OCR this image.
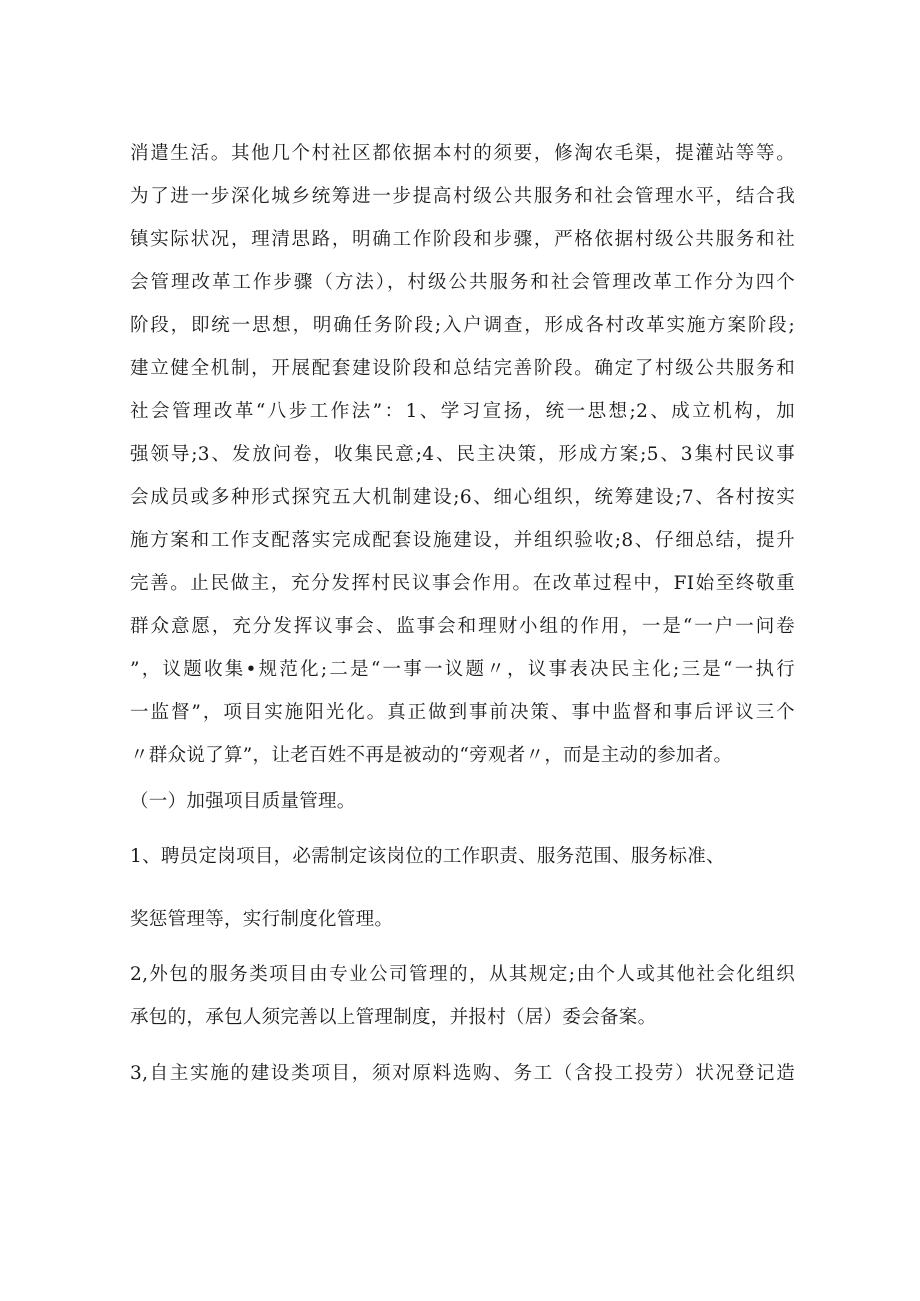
消遣生活。其他几个村社区都依据本村的须要，修淘农毛渠，提灌站等等。
为了进一步深化城乡统筹进一步提高村级公共服务和社会管理水平，结合我
镇实际状况，理清思路，明确工作阶段和步骤，严格依据村级公共服务和社
会管理改革工作步骤（方法），村级公共服务和社会管理改革工作分为四个
阶段，即统一思想，明确任务阶段;入户调查，形成各村改革实施方案阶段;
建立健全机制，开展配套建设阶段和总结完善阶段。确定了村级公共服务和
社会管理改革“八步工作法”：1、学习宣扬，统一思想;2、成立机构，加
强领导;3、发放问卷，收集民意;4、民主决策，形成方案;5、3集村民议事
会成员或多种形式探究五大机制建设;6、细心组织，统筹建设;7、各村按实
施方案和工作支配落实完成配套设施建设，并组织验收;8、仔细总结，提升
完善。止民做主，充分发挥村民议事会作用。在改革过程中，FI始至终敬重
群众意愿，充分发挥议事会、监事会和理财小组的作用，一是“一户一问卷
”，议题收集•规范化;二是“一事一议题〃，议事表决民主化;三是“一执行
一监督”，项目实施阳光化。真正做到事前决策、事中监督和事后评议三个
〃群众说了算”，让老百姓不再是被动的“旁观者〃，而是主动的参加者。
（一）加强项目质量管理。
1、聘员定岗项目，必需制定该岗位的工作职责、服务范围、服务标准、
奖惩管理等，实行制度化管理。
2,外包的服务类项目由专业公司管理的，从其规定;由个人或其他社会化组织
承包的，承包人须完善以上管理制度，并报村（居）委会备案。
3,自主实施的建设类项目，须对原料选购、务工（含投工投劳）状况登记造
